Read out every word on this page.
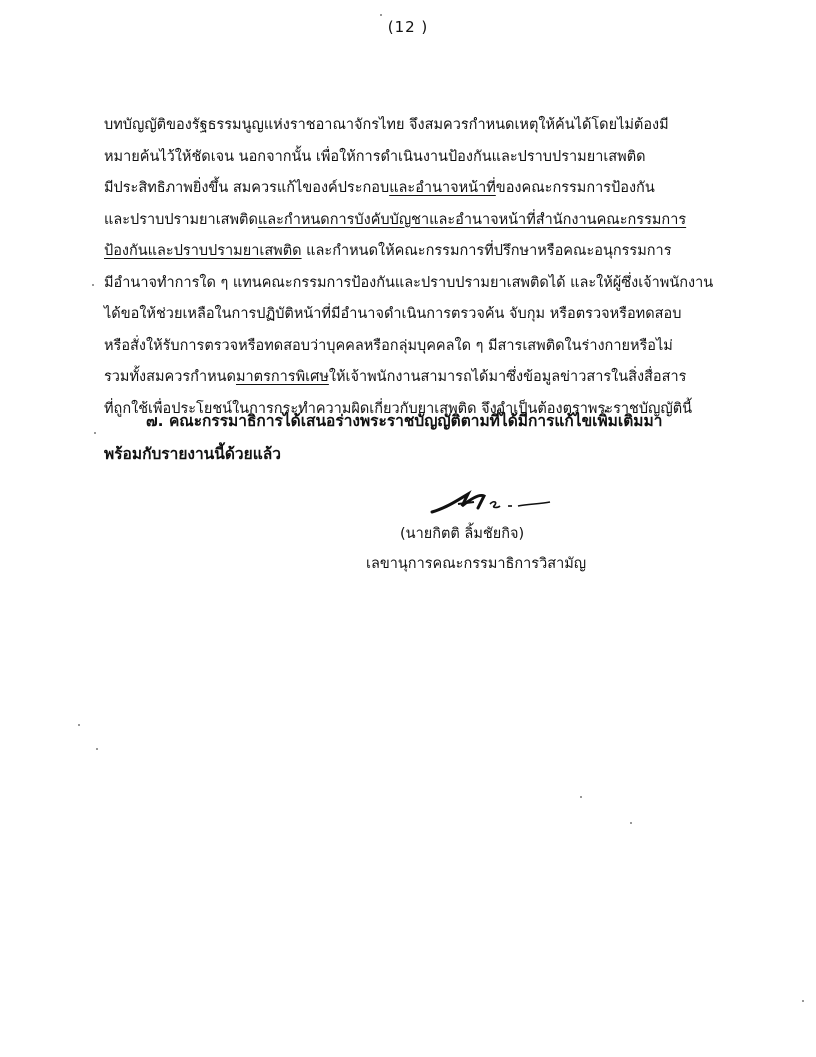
(12 )
บทบัญญัติของรัฐธรรมนูญแห่งราชอาณาจักรไทย จึงสมควรกำหนดเหตุให้ค้นได้โดยไม่ต้องมี
หมายค้นไว้ให้ชัดเจน นอกจากนั้น เพื่อให้การดำเนินงานป้องกันและปราบปรามยาเสพติด
มีประสิทธิภาพยิ่งขึ้น สมควรแก้ไของค์ประกอบและอำนาจหน้าที่ของคณะกรรมการป้องกัน
และปราบปรามยาเสพติดและกำหนดการบังคับบัญชาและอำนาจหน้าที่สำนักงานคณะกรรมการ
ป้องกันและปราบปรามยาเสพติด และกำหนดให้คณะกรรมการที่ปรึกษาหรือคณะอนุกรรมการ
มีอำนาจทำการใด ๆ แทนคณะกรรมการป้องกันและปราบปรามยาเสพติดได้ และให้ผู้ซึ่งเจ้าพนักงาน
ได้ขอให้ช่วยเหลือในการปฏิบัติหน้าที่มีอำนาจดำเนินการตรวจค้น จับกุม หรือตรวจหรือทดสอบ
หรือสั่งให้รับการตรวจหรือทดสอบว่าบุคคลหรือกลุ่มบุคคลใด ๆ มีสารเสพติดในร่างกายหรือไม่
รวมทั้งสมควรกำหนดมาตรการพิเศษให้เจ้าพนักงานสามารถได้มาซึ่งข้อมูลข่าวสารในสิ่งสื่อสาร
ที่ถูกใช้เพื่อประโยชน์ในการกระทำความผิดเกี่ยวกับยาเสพติด จึงจำเป็นต้องตราพระราชบัญญัตินี้
๗. คณะกรรมาธิการได้เสนอร่างพระราชบัญญัติตามที่ได้มีการแก้ไขเพิ่มเติมมา
พร้อมกับรายงานนี้ด้วยแล้ว
(นายกิตติ ลิ้มชัยกิจ)
เลขานุการคณะกรรมาธิการวิสามัญ
